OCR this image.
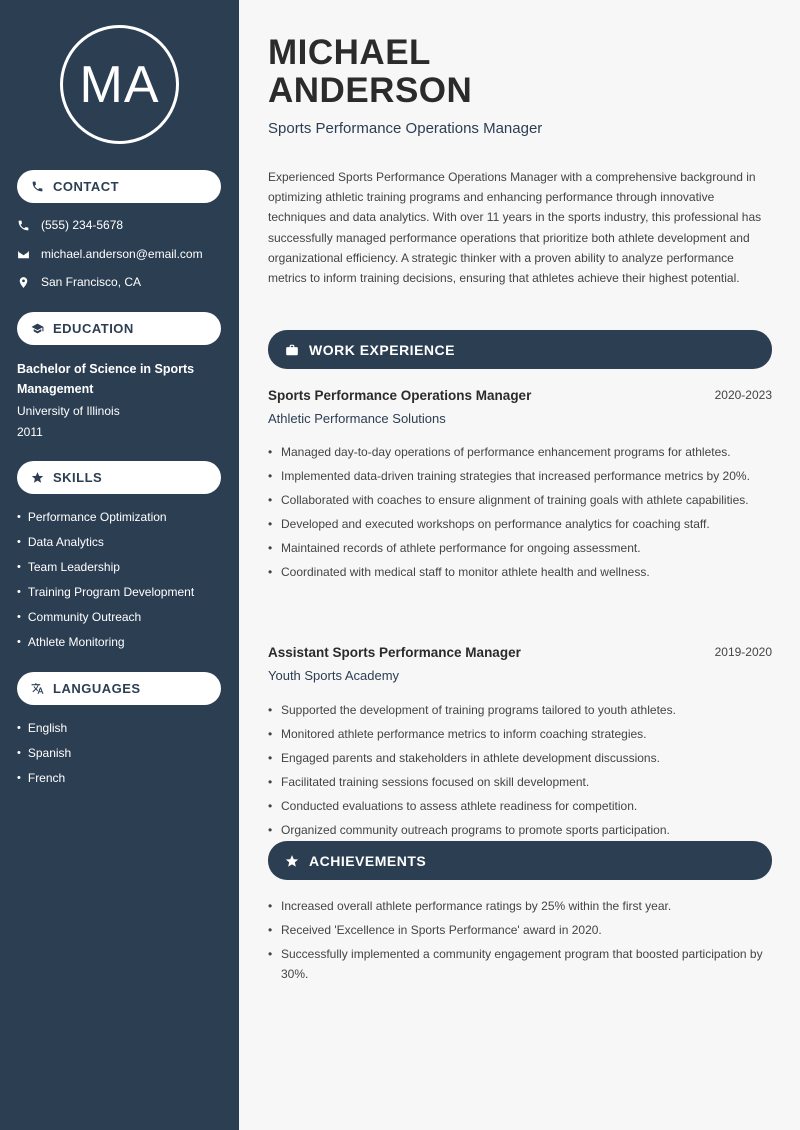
MA
CONTACT
(555) 234-5678
michael.anderson@email.com
San Francisco, CA
EDUCATION
Bachelor of Science in Sports Management
University of Illinois
2011
SKILLS
• Performance Optimization
• Data Analytics
• Team Leadership
• Training Program Development
• Community Outreach
• Athlete Monitoring
LANGUAGES
• English
• Spanish
• French
MICHAEL
ANDERSON
Sports Performance Operations Manager

Experienced Sports Performance Operations Manager with a comprehensive background in optimizing athletic training programs and enhancing performance through innovative techniques and data analytics. With over 11 years in the sports industry, this professional has successfully managed performance operations that prioritize both athlete development and organizational efficiency. A strategic thinker with a proven ability to analyze performance metrics to inform training decisions, ensuring that athletes achieve their highest potential.

WORK EXPERIENCE
Sports Performance Operations Manager	2020-2023
Athletic Performance Solutions
• Managed day-to-day operations of performance enhancement programs for athletes.
• Implemented data-driven training strategies that increased performance metrics by 20%.
• Collaborated with coaches to ensure alignment of training goals with athlete capabilities.
• Developed and executed workshops on performance analytics for coaching staff.
• Maintained records of athlete performance for ongoing assessment.
• Coordinated with medical staff to monitor athlete health and wellness.
Assistant Sports Performance Manager	2019-2020
Youth Sports Academy
• Supported the development of training programs tailored to youth athletes.
• Monitored athlete performance metrics to inform coaching strategies.
• Engaged parents and stakeholders in athlete development discussions.
• Facilitated training sessions focused on skill development.
• Conducted evaluations to assess athlete readiness for competition.
• Organized community outreach programs to promote sports participation.
ACHIEVEMENTS
• Increased overall athlete performance ratings by 25% within the first year.
• Received 'Excellence in Sports Performance' award in 2020.
• Successfully implemented a community engagement program that boosted participation by 30%.
